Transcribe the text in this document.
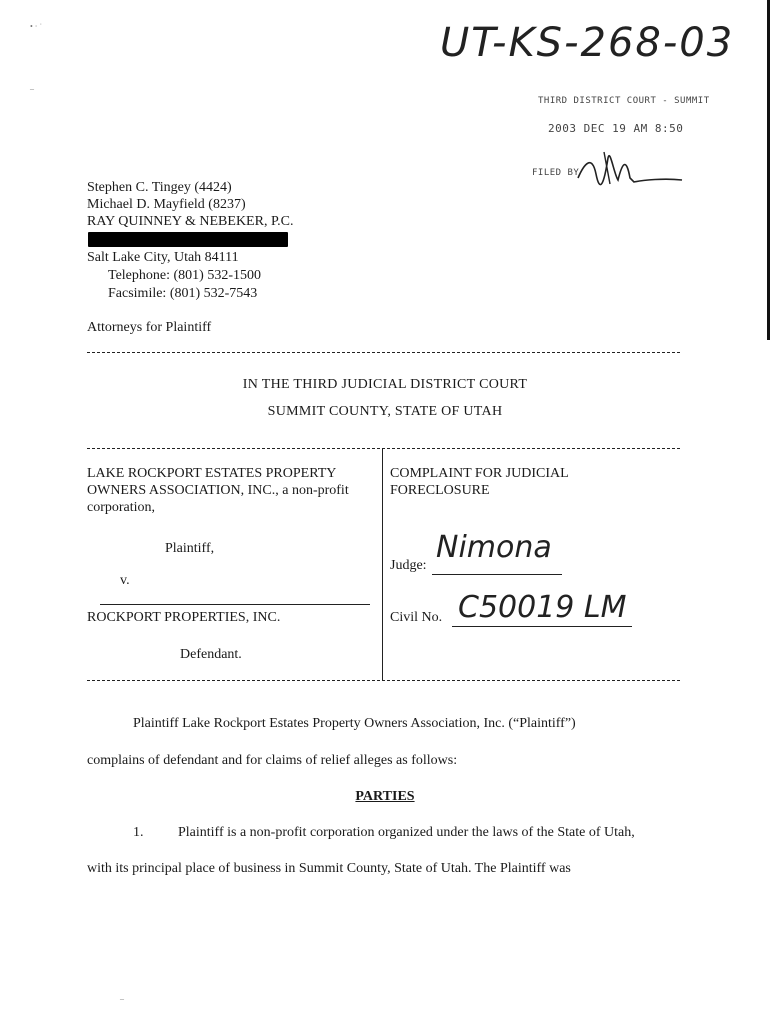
• · ˙
–
UT-KS-268-03
THIRD DISTRICT COURT - SUMMIT
2003 DEC 19 AM 8:50
FILED BY
Stephen C. Tingey (4424)
Michael D. Mayfield (8237)
RAY QUINNEY & NEBEKER, P.C.
Salt Lake City, Utah 84111
Telephone: (801) 532-1500
Facsimile: (801) 532-7543
Attorneys for Plaintiff
IN THE THIRD JUDICIAL DISTRICT COURT
SUMMIT COUNTY, STATE OF UTAH
LAKE ROCKPORT ESTATES PROPERTY
OWNERS ASSOCIATION, INC., a non-profit
corporation,
Plaintiff,
v.
ROCKPORT PROPERTIES, INC.
Defendant.
COMPLAINT FOR JUDICIAL
FORECLOSURE
Judge:
Nimona
Civil No. C50019 LM
Plaintiff Lake Rockport Estates Property Owners Association, Inc. (“Plaintiff”)
complains of defendant and for claims of relief alleges as follows:
PARTIES
1. Plaintiff is a non-profit corporation organized under the laws of the State of Utah,
with its principal place of business in Summit County, State of Utah. The Plaintiff was
–
